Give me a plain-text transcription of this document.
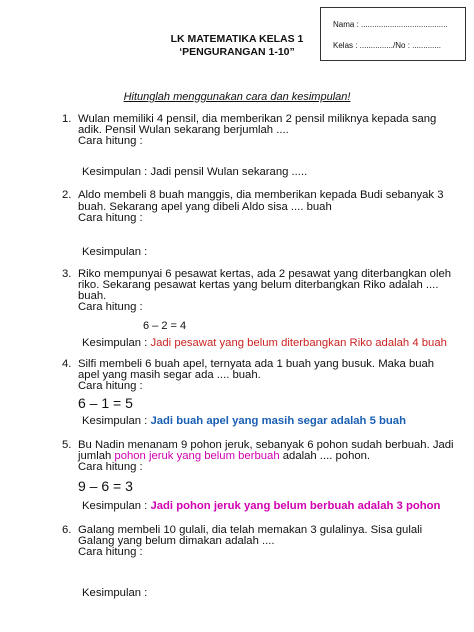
Nama : .......................................
Kelas : .............../No : .............
LK MATEMATIKA KELAS 1
‘PENGURANGAN 1-10”
Hitunglah menggunakan cara dan kesimpulan!
1. Wulan memiliki 4 pensil, dia memberikan 2 pensil miliknya kepada sang
adik. Pensil Wulan sekarang berjumlah ....
Cara hitung :
Kesimpulan : Jadi pensil Wulan sekarang .....
2. Aldo membeli 8 buah manggis, dia memberikan kepada Budi sebanyak 3
buah. Sekarang apel yang dibeli Aldo sisa .... buah
Cara hitung :
Kesimpulan :
3. Riko mempunyai 6 pesawat kertas, ada 2 pesawat yang diterbangkan oleh
riko. Sekarang pesawat kertas yang belum diterbangkan Riko adalah ....
buah.
Cara hitung :
6 – 2 = 4
Kesimpulan : Jadi pesawat yang belum diterbangkan Riko adalah 4 buah
4. Silfi membeli 6 buah apel, ternyata ada 1 buah yang busuk. Maka buah
apel yang masih segar ada .... buah.
Cara hitung :
6 – 1 = 5
Kesimpulan : Jadi buah apel yang masih segar adalah 5 buah
5. Bu Nadin menanam 9 pohon jeruk, sebanyak 6 pohon sudah berbuah. Jadi
jumlah pohon jeruk yang belum berbuah adalah .... pohon.
Cara hitung :
9 – 6 = 3
Kesimpulan : Jadi pohon jeruk yang belum berbuah adalah 3 pohon
6. Galang membeli 10 gulali, dia telah memakan 3 gulalinya. Sisa gulali
Galang yang belum dimakan adalah ....
Cara hitung :
Kesimpulan :
